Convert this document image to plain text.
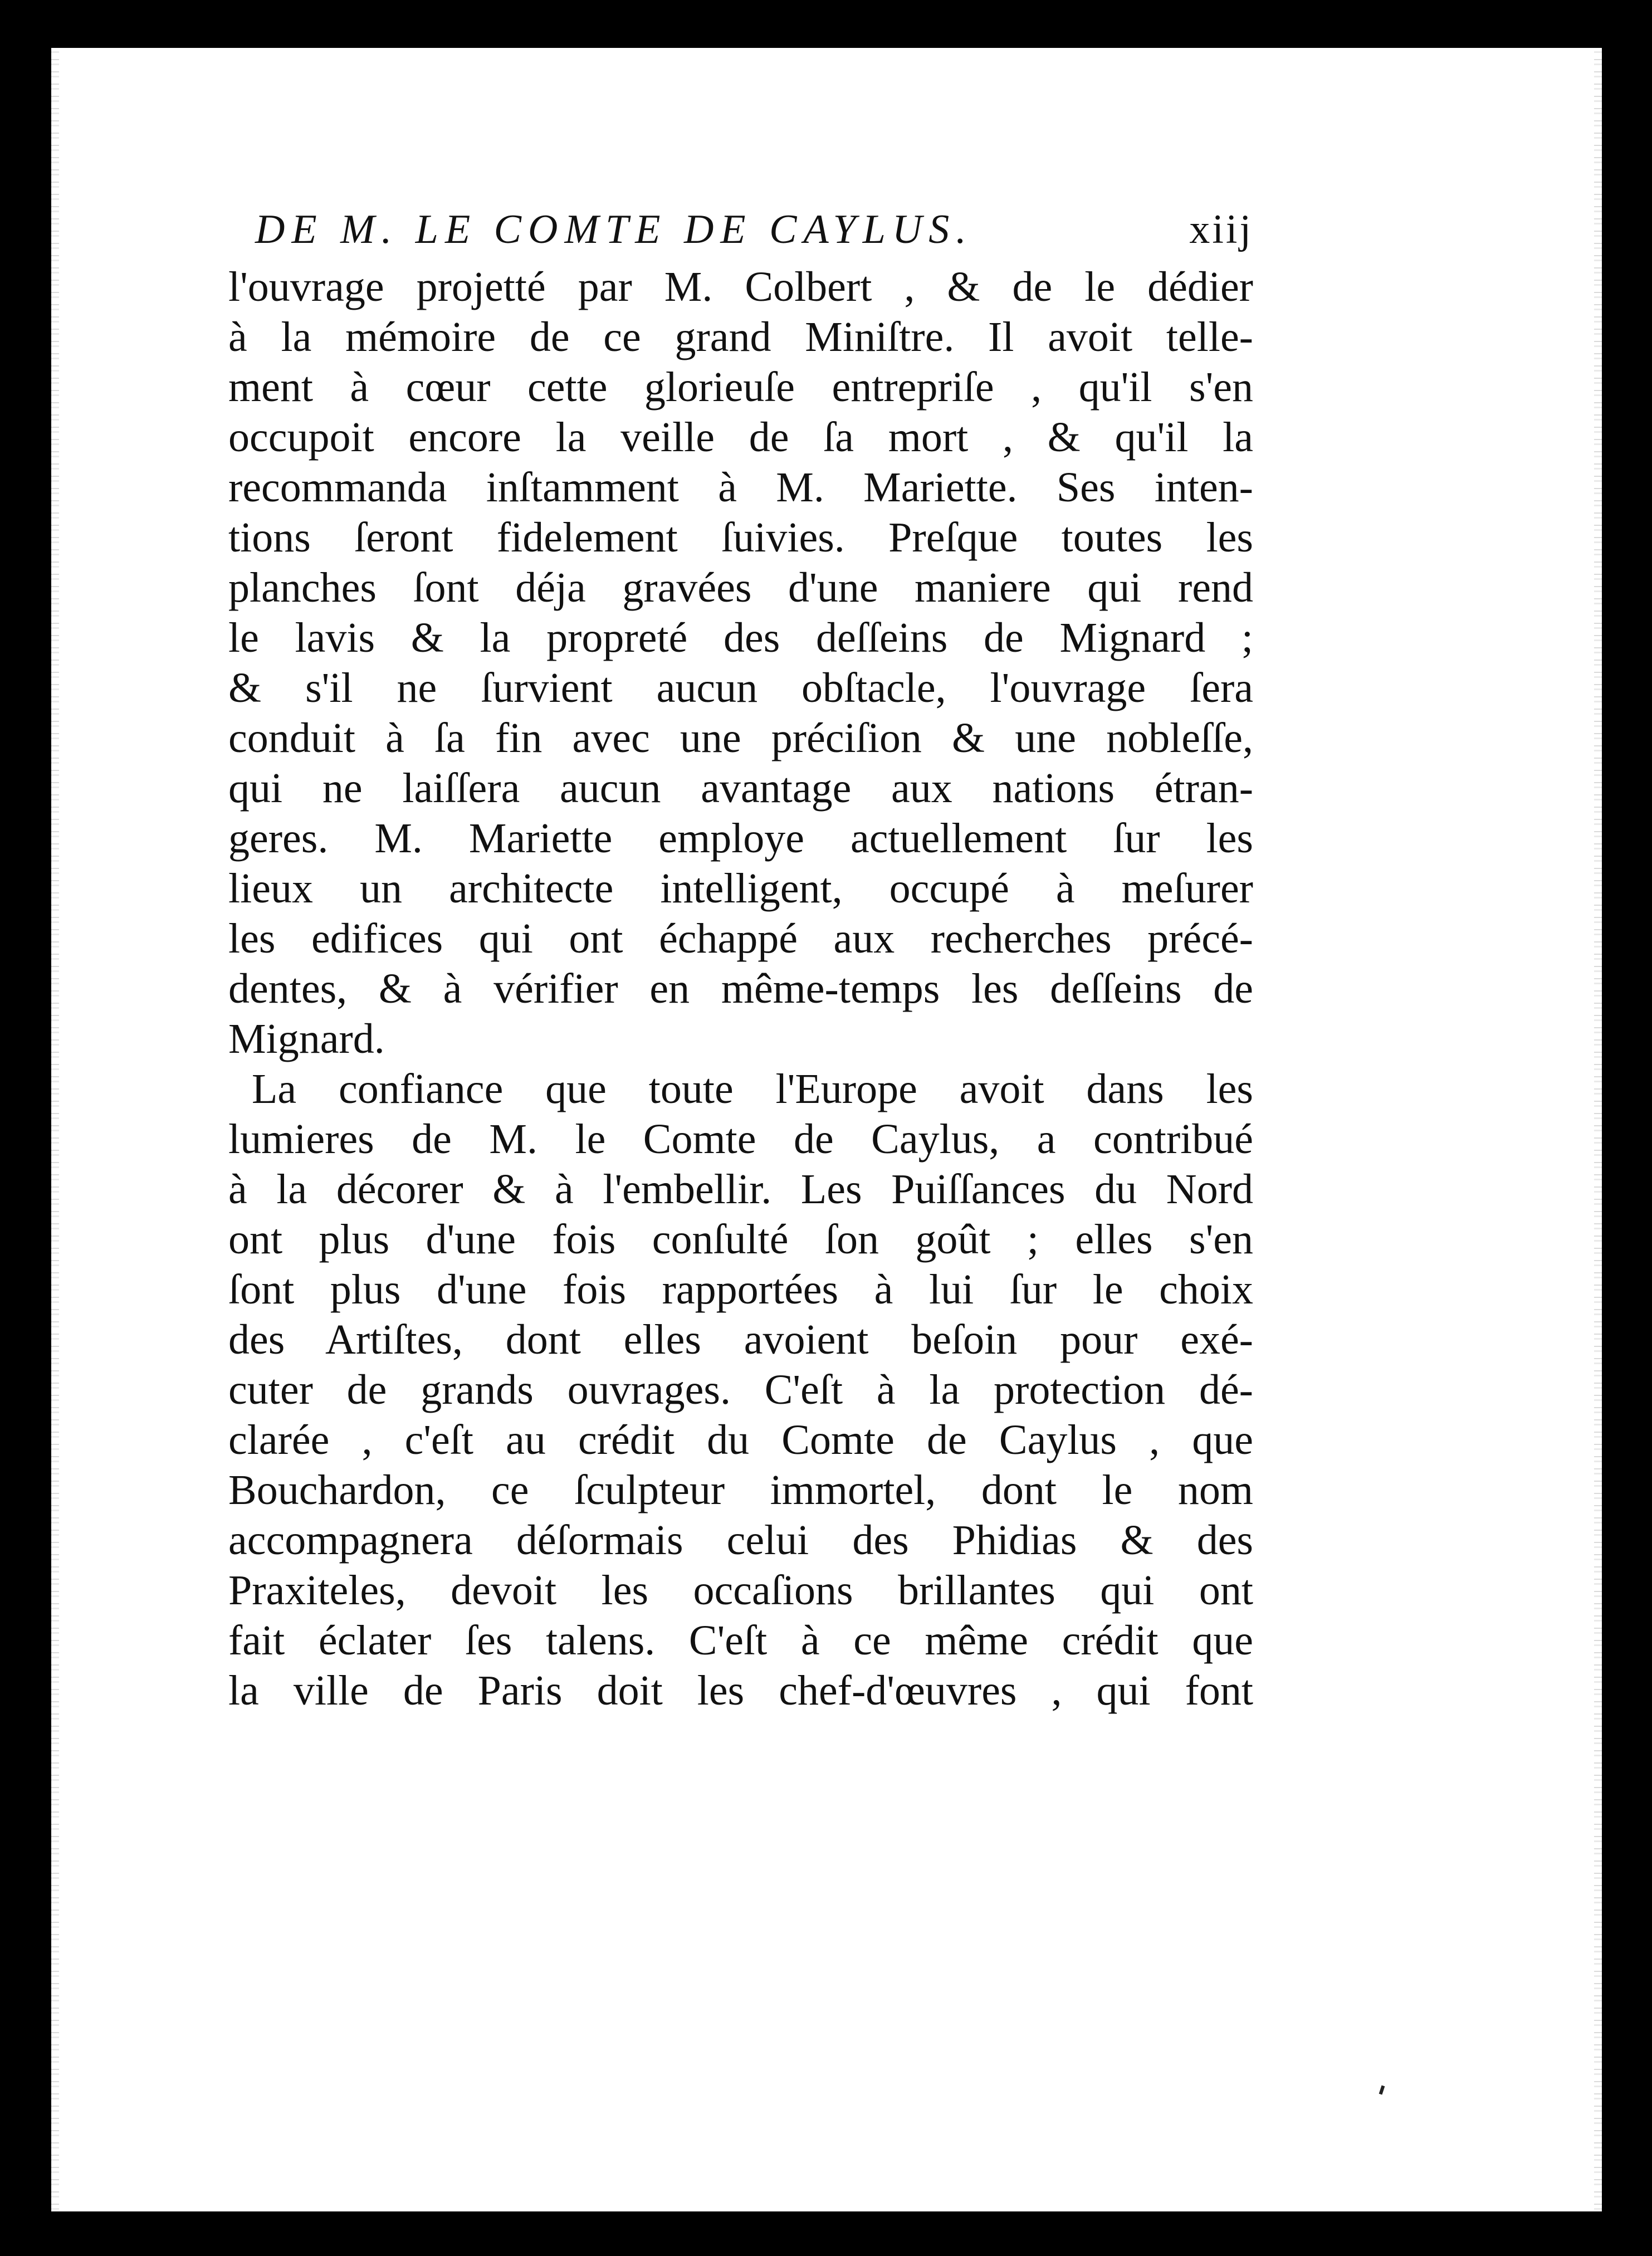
DE M. LE COMTE DE CAYLUS.	xiij
l'ouvrage projetté par M. Colbert , & de le dédier
à la mémoire de ce grand Miniſtre. Il avoit telle-
ment à cœur cette glorieuſe entrepriſe , qu'il s'en
occupoit encore la veille de ſa mort , & qu'il la
recommanda inſtamment à M. Mariette. Ses inten-
tions ſeront fidelement ſuivies. Preſque toutes les
planches ſont déja gravées d'une maniere qui rend
le lavis & la propreté des deſſeins de Mignard ;
& s'il ne ſurvient aucun obſtacle, l'ouvrage ſera
conduit à ſa fin avec une préciſion & une nobleſſe,
qui ne laiſſera aucun avantage aux nations étran-
geres. M. Mariette employe actuellement ſur les
lieux un architecte intelligent, occupé à meſurer
les edifices qui ont échappé aux recherches précé-
dentes, & à vérifier en même-temps les deſſeins de
Mignard.
La confiance que toute l'Europe avoit dans les
lumieres de M. le Comte de Caylus, a contribué
à la décorer & à l'embellir. Les Puiſſances du Nord
ont plus d'une fois conſulté ſon goût ; elles s'en
ſont plus d'une fois rapportées à lui ſur le choix
des Artiſtes, dont elles avoient beſoin pour exé-
cuter de grands ouvrages. C'eſt à la protection dé-
clarée , c'eſt au crédit du Comte de Caylus , que
Bouchardon, ce ſculpteur immortel, dont le nom
accompagnera déſormais celui des Phidias & des
Praxiteles, devoit les occaſions brillantes qui ont
fait éclater ſes talens. C'eſt à ce même crédit que
la ville de Paris doit les chef-d'œuvres , qui font
